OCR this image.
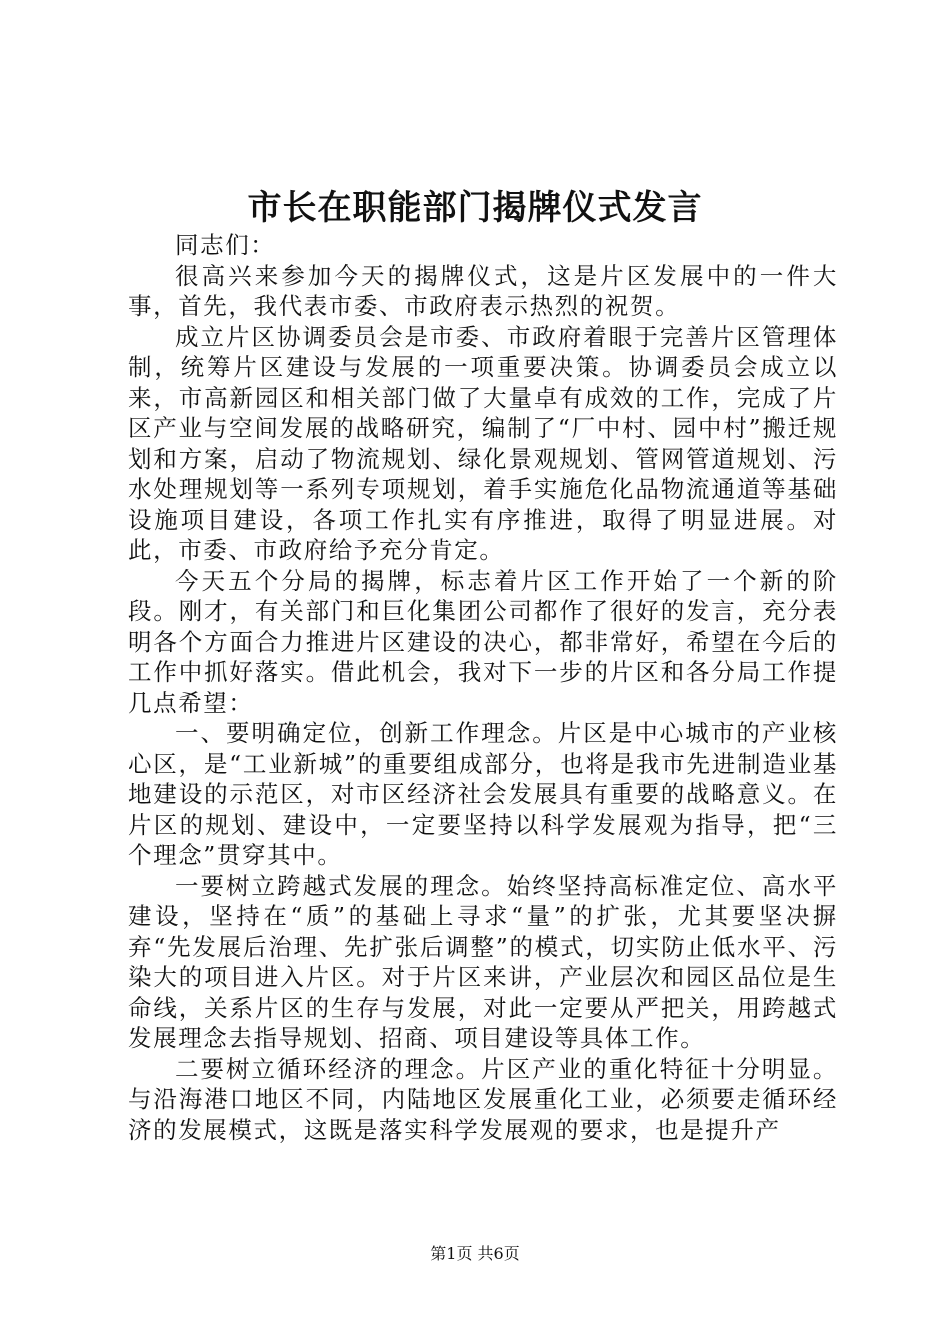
市长在职能部门揭牌仪式发言

同志们：

很高兴来参加今天的揭牌仪式，这是片区发展中的一件大事，首先，我代表市委、市政府表示热烈的祝贺。

成立片区协调委员会是市委、市政府着眼于完善片区管理体制，统筹片区建设与发展的一项重要决策。协调委员会成立以来，市高新园区和相关部门做了大量卓有成效的工作，完成了片区产业与空间发展的战略研究，编制了“厂中村、园中村”搬迁规划和方案，启动了物流规划、绿化景观规划、管网管道规划、污水处理规划等一系列专项规划，着手实施危化品物流通道等基础设施项目建设，各项工作扎实有序推进，取得了明显进展。对此，市委、市政府给予充分肯定。

今天五个分局的揭牌，标志着片区工作开始了一个新的阶段。刚才，有关部门和巨化集团公司都作了很好的发言，充分表明各个方面合力推进片区建设的决心，都非常好，希望在今后的工作中抓好落实。借此机会，我对下一步的片区和各分局工作提几点希望：

一、要明确定位，创新工作理念。片区是中心城市的产业核心区，是“工业新城”的重要组成部分，也将是我市先进制造业基地建设的示范区，对市区经济社会发展具有重要的战略意义。在片区的规划、建设中，一定要坚持以科学发展观为指导，把“三个理念”贯穿其中。

一要树立跨越式发展的理念。始终坚持高标准定位、高水平建设，坚持在“质”的基础上寻求“量”的扩张，尤其要坚决摒弃“先发展后治理、先扩张后调整”的模式，切实防止低水平、污染大的项目进入片区。对于片区来讲，产业层次和园区品位是生命线，关系片区的生存与发展，对此一定要从严把关，用跨越式发展理念去指导规划、招商、项目建设等具体工作。

二要树立循环经济的理念。片区产业的重化特征十分明显。与沿海港口地区不同，内陆地区发展重化工业，必须要走循环经济的发展模式，这既是落实科学发展观的要求，也是提升产

第1页 共6页
